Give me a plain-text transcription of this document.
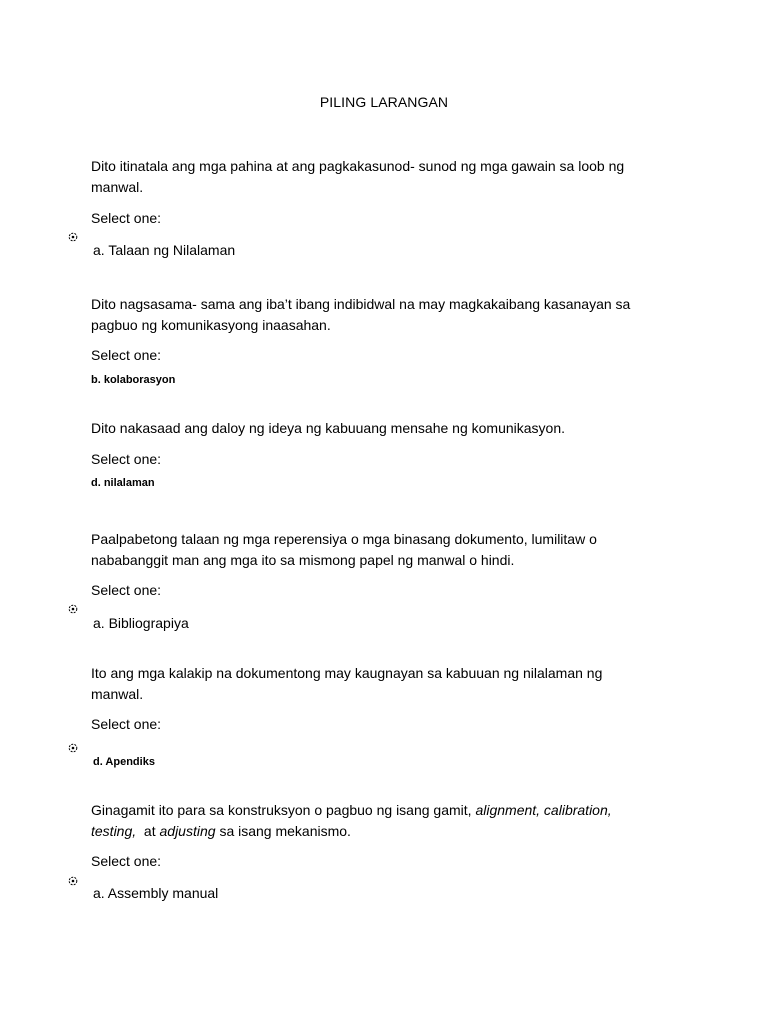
PILING LARANGAN
Dito itinatala ang mga pahina at ang pagkakasunod- sunod ng mga gawain sa loob ng
manwal.
Select one:
a. Talaan ng Nilalaman
Dito nagsasama- sama ang iba’t ibang indibidwal na may magkakaibang kasanayan sa
pagbuo ng komunikasyong inaasahan.
Select one:
b. kolaborasyon
Dito nakasaad ang daloy ng ideya ng kabuuang mensahe ng komunikasyon.
Select one:
d. nilalaman
Paalpabetong talaan ng mga reperensiya o mga binasang dokumento, lumilitaw o
nababanggit man ang mga ito sa mismong papel ng manwal o hindi.
Select one:
a. Bibliograpiya
Ito ang mga kalakip na dokumentong may kaugnayan sa kabuuan ng nilalaman ng
manwal.
Select one:
d. Apendiks
Ginagamit ito para sa konstruksyon o pagbuo ng isang gamit, alignment, calibration,
testing, at adjusting sa isang mekanismo.
Select one:
a. Assembly manual
